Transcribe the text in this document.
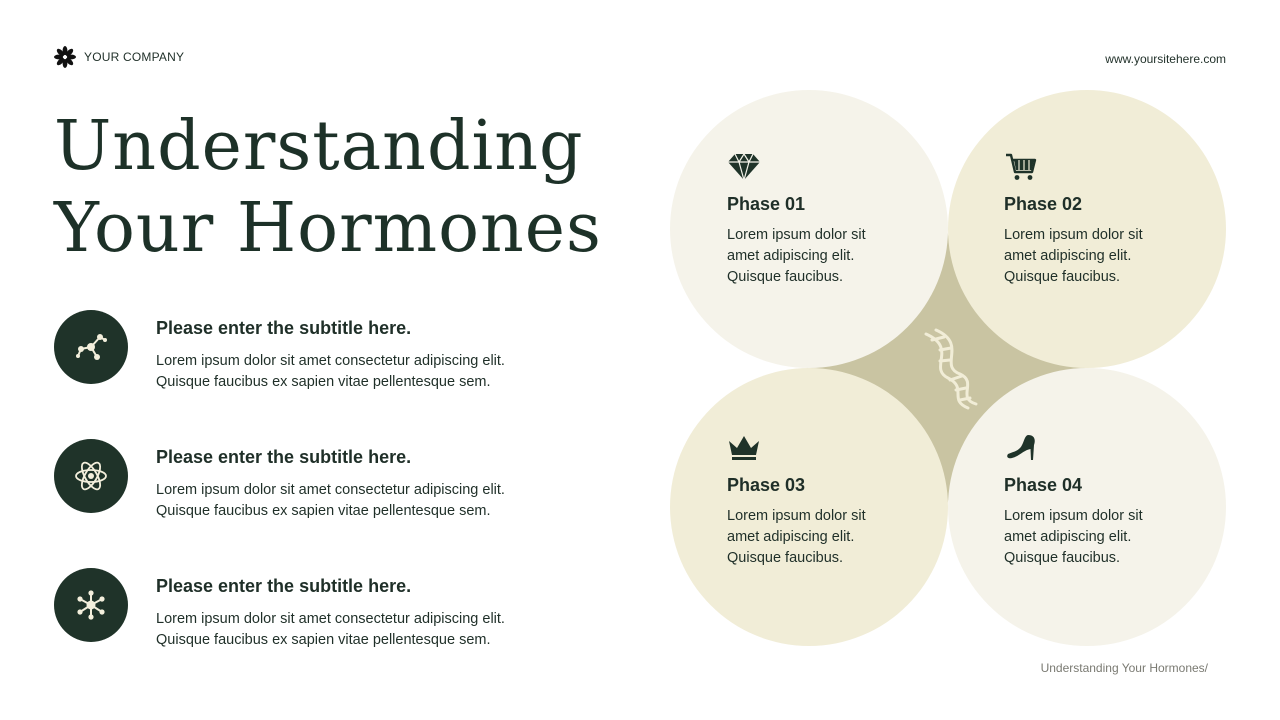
YOUR COMPANY	www.yoursitehere.com
Understanding
Your Hormones
Please enter the subtitle here.
Lorem ipsum dolor sit amet consectetur adipiscing elit.
Quisque faucibus ex sapien vitae pellentesque sem.
Please enter the subtitle here.
Lorem ipsum dolor sit amet consectetur adipiscing elit.
Quisque faucibus ex sapien vitae pellentesque sem.
Please enter the subtitle here.
Lorem ipsum dolor sit amet consectetur adipiscing elit.
Quisque faucibus ex sapien vitae pellentesque sem.
Phase 01
Lorem ipsum dolor sit
amet adipiscing elit.
Quisque faucibus.
Phase 02
Lorem ipsum dolor sit
amet adipiscing elit.
Quisque faucibus.
Phase 03
Lorem ipsum dolor sit
amet adipiscing elit.
Quisque faucibus.
Phase 04
Lorem ipsum dolor sit
amet adipiscing elit.
Quisque faucibus.
Understanding Your Hormones/
